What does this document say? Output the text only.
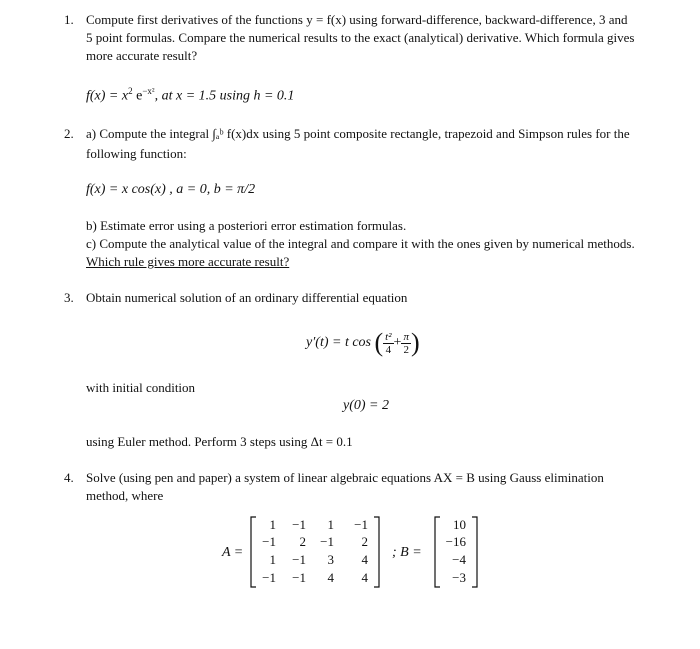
1. Compute first derivatives of the functions y = f(x) using forward-difference, backward-difference, 3 and
5 point formulas. Compare the numerical results to the exact (analytical) derivative. Which formula gives
more accurate result?
$f(x) = x^2$ $e^{-x^2}$, at x = 1.5 using h = 0.1
2. a) Compute the integral ∫ₐᵇ f(x)dx using 5 point composite rectangle, trapezoid and Simpson rules for the
following function:
f(x) = x cos(x) , a = 0, b = π/2
b) Estimate error using a posteriori error estimation formulas.
c) Compute the analytical value of the integral and compare it with the ones given by numerical methods.
Which rule gives more accurate result?
3. Obtain numerical solution of an ordinary differential equation
y′(t) = t cos ( $\frac{\text{t²}}{4} + \frac{\pi}{2}$ )
with initial condition
y(0) = 2
using Euler method. Perform 3 steps using Δt = 0.1
4. Solve (using pen and paper) a system of linear algebraic equations AX = B using Gauss elimination
method, where
A =
1	−1	1	−1
−1	2	−1	2
1	−1	3	4
−1	−1	4	4
; B =
10
−16
−4
−3
